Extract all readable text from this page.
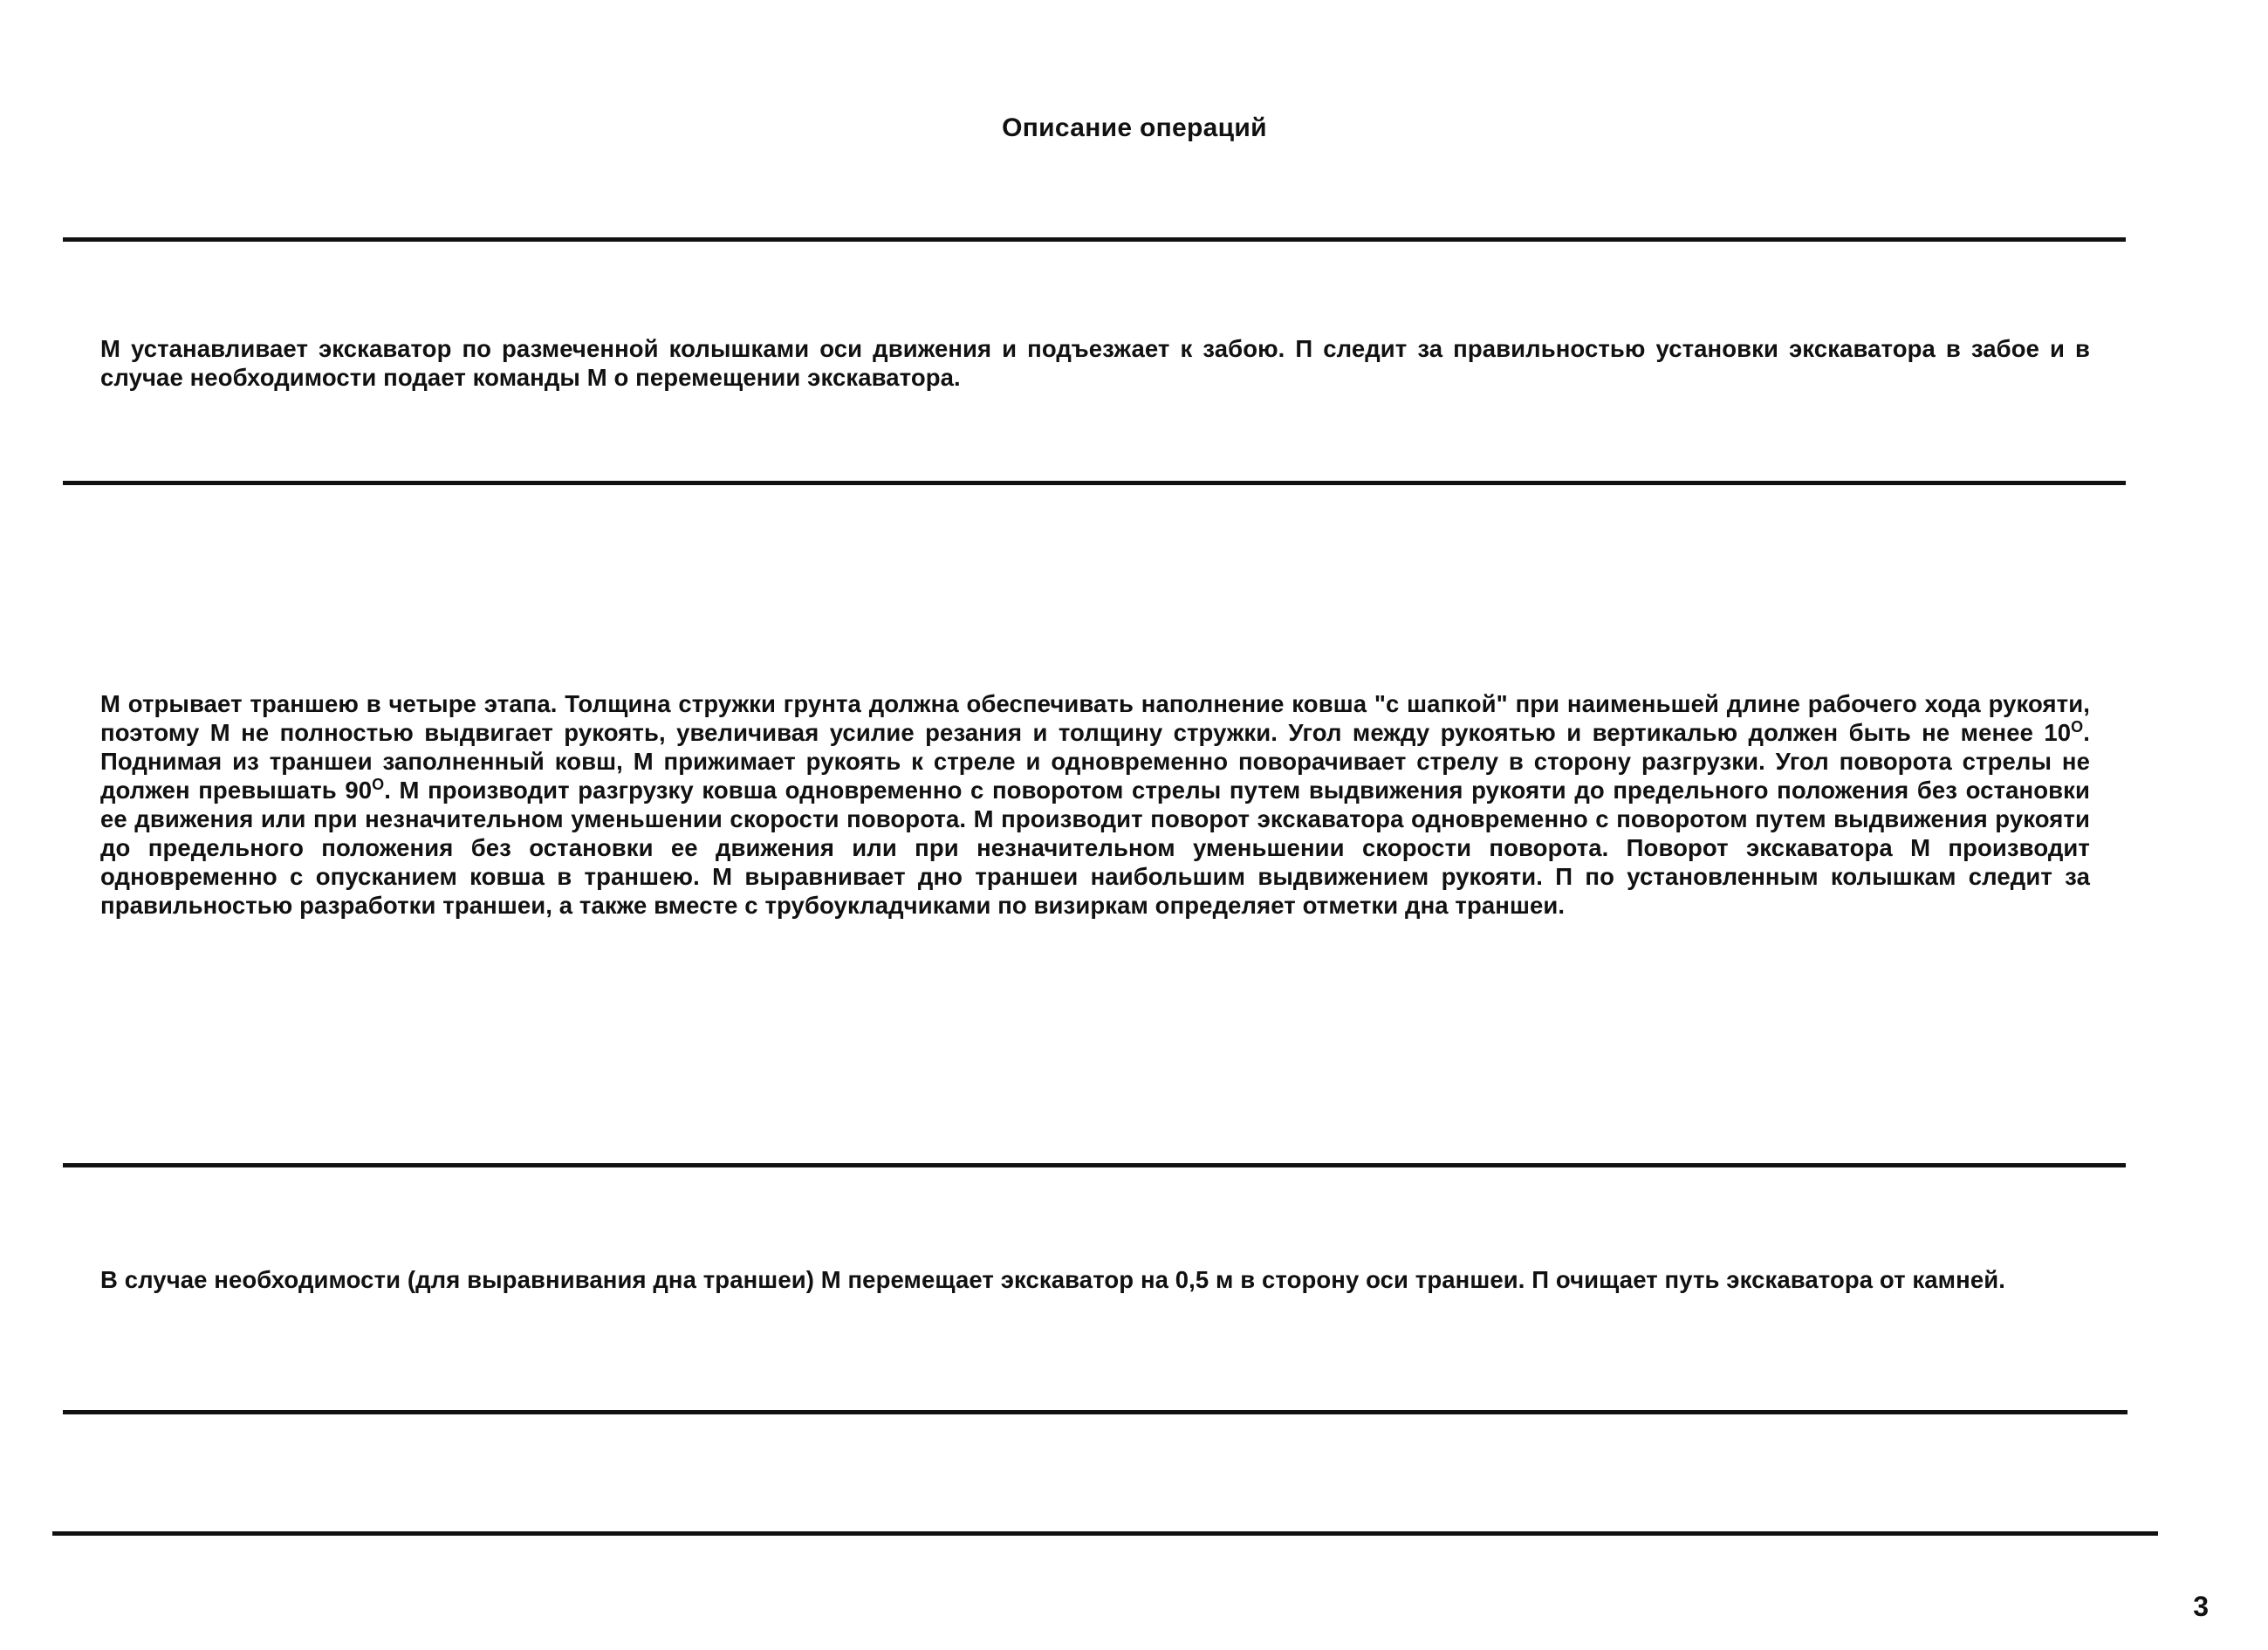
Описание операций

М устанавливает экскаватор по размеченной колышками оси движения и подъезжает к забою. П следит за правильностью установки экскаватора в забое и в случае необходимости подает команды М о перемещении экскаватора.

М отрывает траншею в четыре этапа. Толщина стружки грунта должна обеспечивать наполнение ковша "с шапкой" при наименьшей длине рабочего хода рукояти, поэтому М не полностью выдвигает рукоять, увеличивая усилие резания и толщину стружки. Угол между рукоятью и вертикалью должен быть не менее $10^О$. Поднимая из траншеи заполненный ковш, М прижимает рукоять к стреле и одновременно поворачивает стрелу в сторону разгрузки. Угол поворота стрелы не должен превышать $90^О$. М производит разгрузку ковша одновременно с поворотом стрелы путем выдвижения рукояти до предельного положения без остановки ее движения или при незначительном уменьшении скорости поворота. М производит поворот экскаватора одновременно с поворотом путем выдвижения рукояти до предельного положения без остановки ее движения или при незначительном уменьшении скорости поворота. Поворот экскаватора М производит одновременно с опусканием ковша в траншею. М выравнивает дно траншеи наибольшим выдвижением рукояти. П по установленным колышкам следит за правильностью разработки траншеи, а также вместе с трубоукладчиками по визиркам определяет отметки дна траншеи.

В случае необходимости (для выравнивания дна траншеи) М перемещает экскаватор на 0,5 м в сторону оси траншеи. П очищает путь экскаватора от камней.

3
